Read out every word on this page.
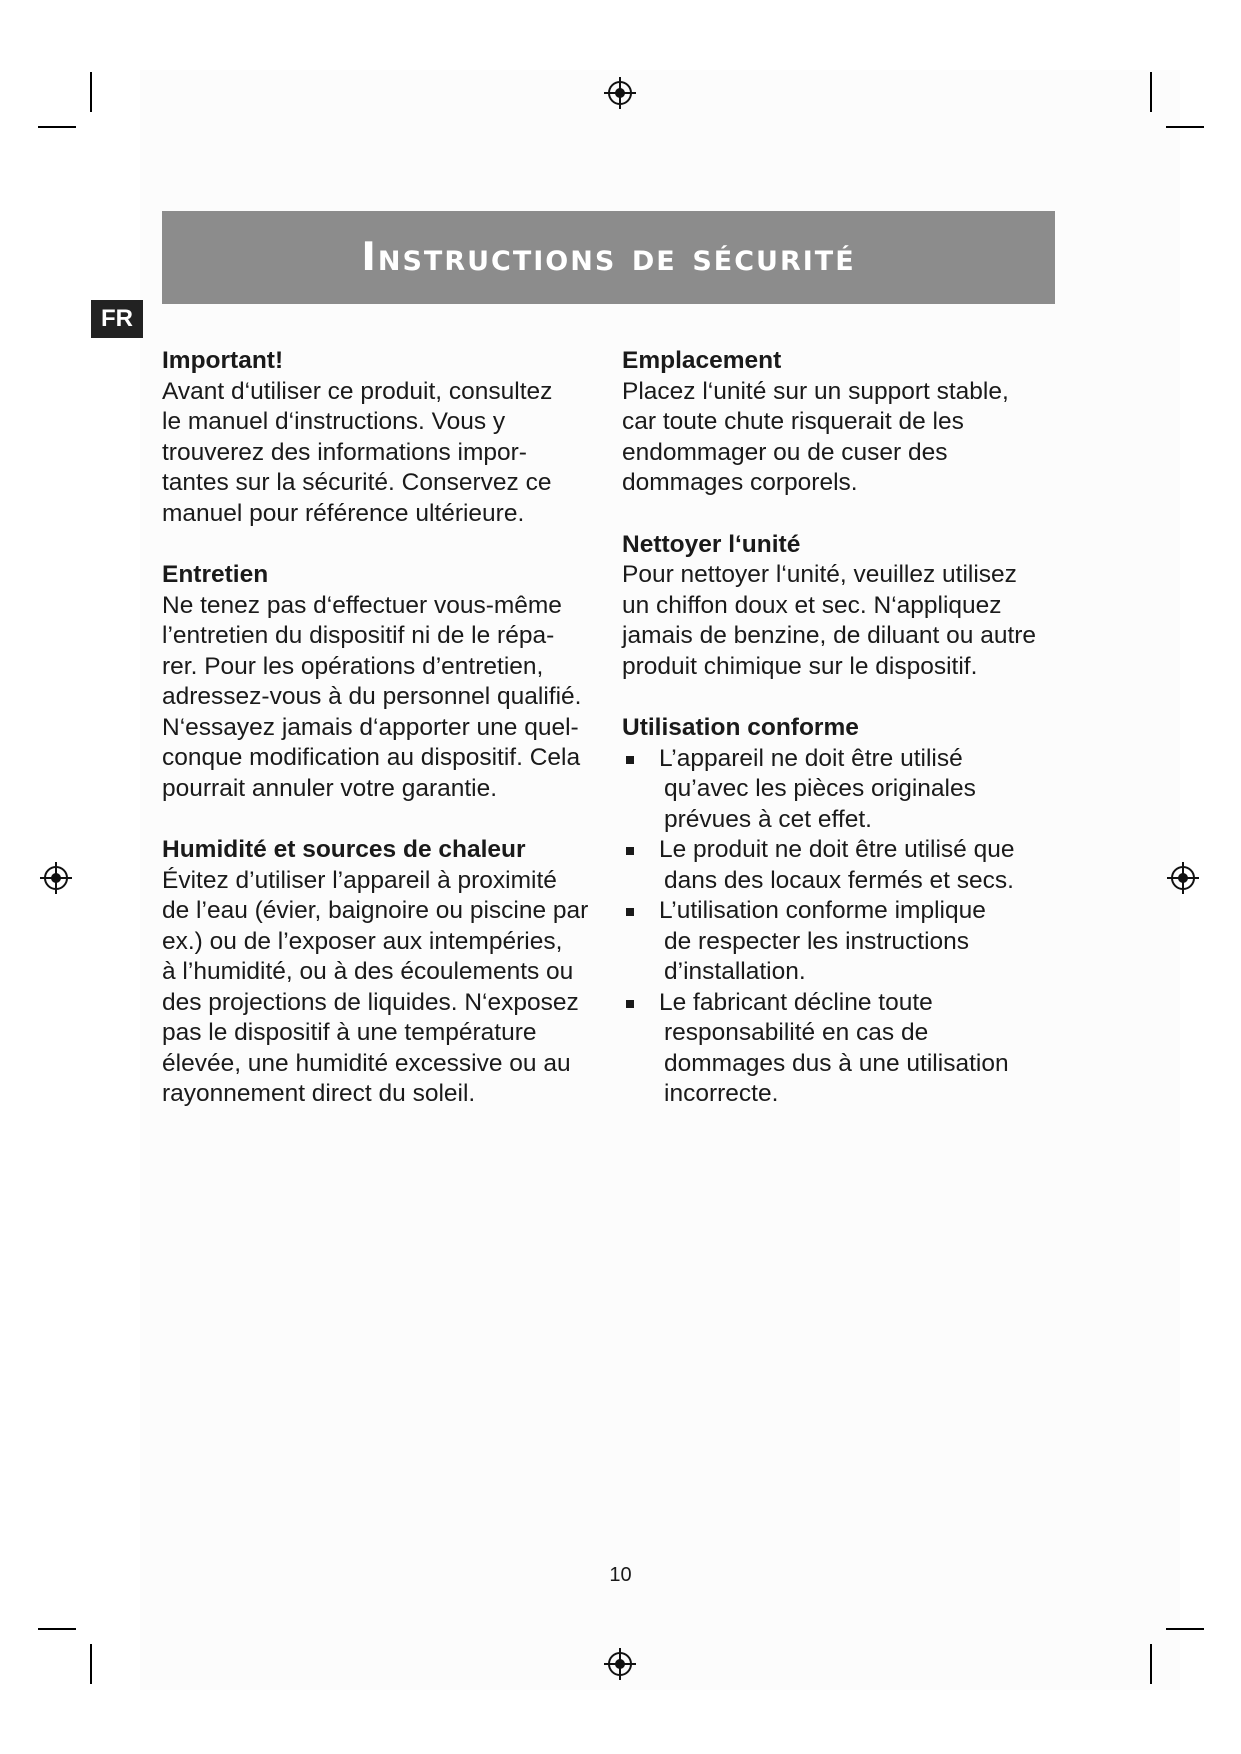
Instructions de sécurité
FR

Important!

Avant d‘utiliser ce produit, consultez

le manuel d‘instructions. Vous y

trouverez des informations impor-

tantes sur la sécurité. Conservez ce

manuel pour référence ultérieure.

Entretien

Ne tenez pas d‘effectuer vous-même

l’entretien du dispositif ni de le répa-

rer. Pour les opérations d’entretien,

adressez-vous à du personnel qualifié.

N‘essayez jamais d‘apporter une quel-

conque modification au dispositif. Cela

pourrait annuler votre garantie.

Humidité et sources de chaleur

Évitez d’utiliser l’appareil à proximité

de l’eau (évier, baignoire ou piscine par

ex.) ou de l’exposer aux intempéries,

à l’humidité, ou à des écoulements ou

des projections de liquides. N‘exposez

pas le dispositif à une température

élevée, une humidité excessive ou au

rayonnement direct du soleil.

Emplacement

Placez l‘unité sur un support stable,

car toute chute risquerait de les

endommager ou de cuser des

dommages corporels.

Nettoyer l‘unité

Pour nettoyer l‘unité, veuillez utilisez

un chiffon doux et sec. N‘appliquez

jamais de benzine, de diluant ou autre

produit chimique sur le dispositif.

Utilisation conforme

L’appareil ne doit être utilisé

qu’avec les pièces originales

prévues à cet effet.

Le produit ne doit être utilisé que

dans des locaux fermés et secs.

L’utilisation conforme implique

de respecter les instructions

d’installation.

Le fabricant décline toute

responsabilité en cas de

dommages dus à une utilisation

incorrecte.

10
